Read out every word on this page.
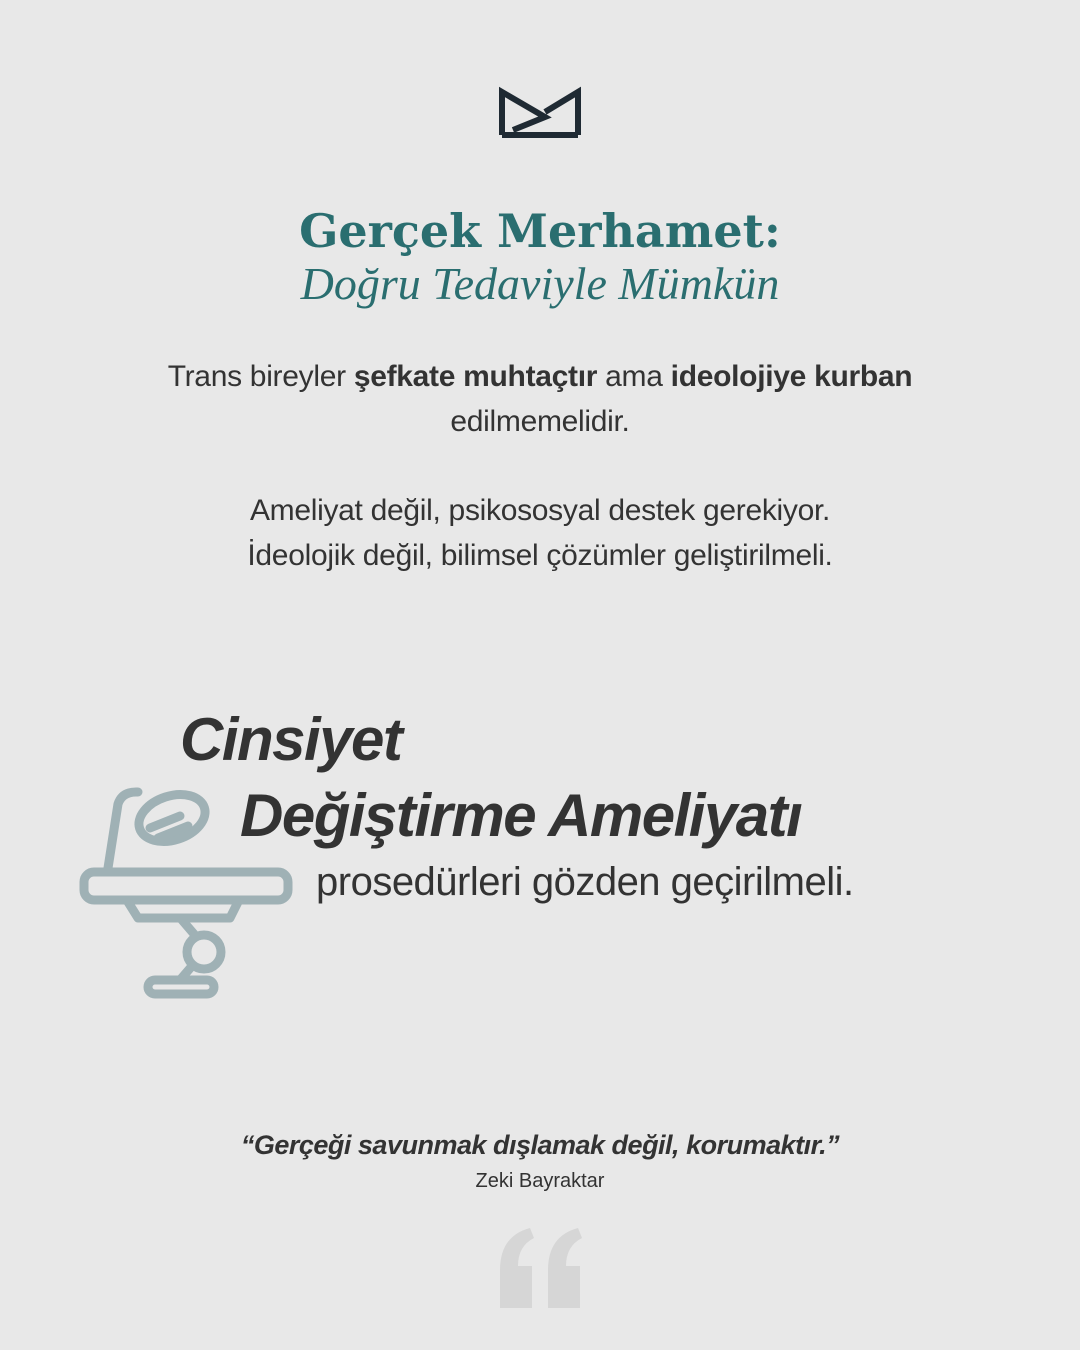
Gerçek Merhamet:
Doğru Tedaviyle Mümkün
Trans bireyler şefkate muhtaçtır ama ideolojiye kurban
edilmemelidir.
Ameliyat değil, psikososyal destek gerekiyor.
İdeolojik değil, bilimsel çözümler geliştirilmeli.
Cinsiyet
Değiştirme Ameliyatı
prosedürleri gözden geçirilmeli.
“Gerçeği savunmak dışlamak değil, korumaktır.”
Zeki Bayraktar
